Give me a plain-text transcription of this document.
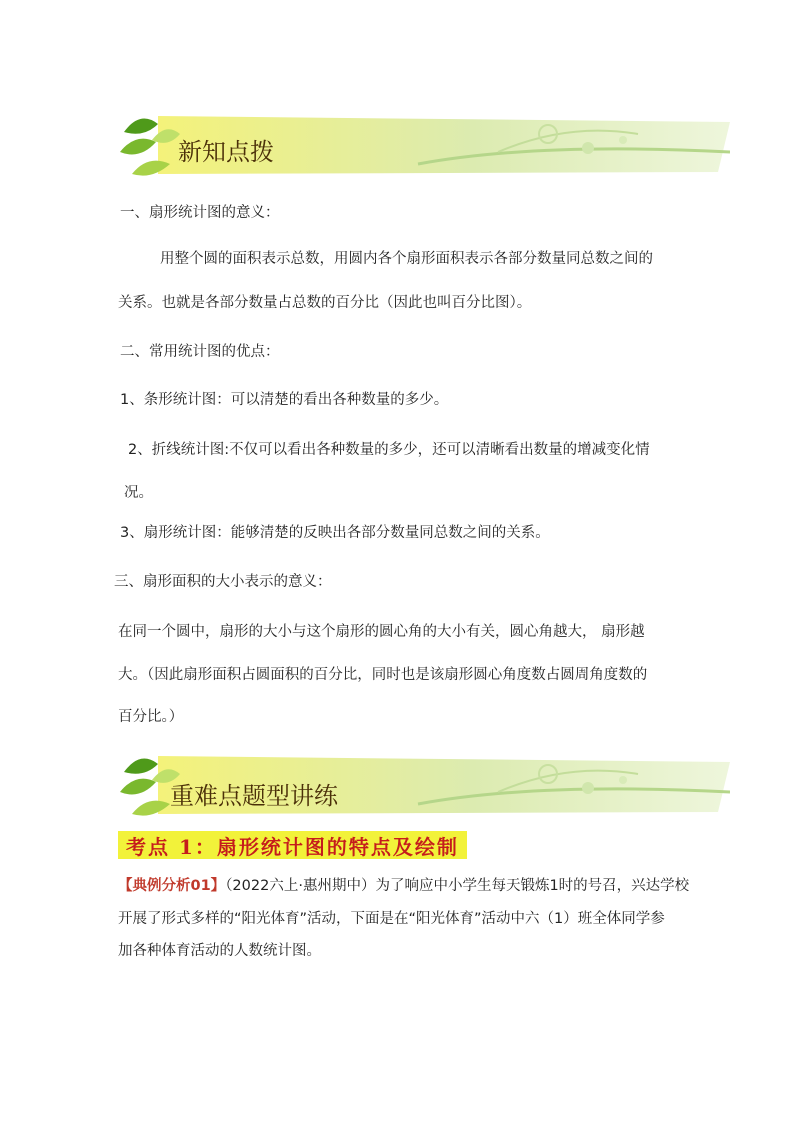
新知点拨
一、扇形统计图的意义：
用整个圆的面积表示总数，用圆内各个扇形面积表示各部分数量同总数之间的
关系。也就是各部分数量占总数的百分比（因此也叫百分比图）。
二、常用统计图的优点：
1、条形统计图：可以清楚的看出各种数量的多少。
2、折线统计图:不仅可以看出各种数量的多少，还可以清晰看出数量的增减变化情
况。
3、扇形统计图：能够清楚的反映出各部分数量同总数之间的关系。
三、扇形面积的大小表示的意义：
在同一个圆中，扇形的大小与这个扇形的圆心角的大小有关，圆心角越大， 扇形越
大。（因此扇形面积占圆面积的百分比，同时也是该扇形圆心角度数占圆周角度数的
百分比。）
重难点题型讲练
考点 1：扇形统计图的特点及绘制
【典例分析01】（2022六上·惠州期中）为了响应中小学生每天锻炼1时的号召，兴达学校
开展了形式多样的“阳光体育”活动，下面是在“阳光体育”活动中六（1）班全体同学参
加各种体育活动的人数统计图。
